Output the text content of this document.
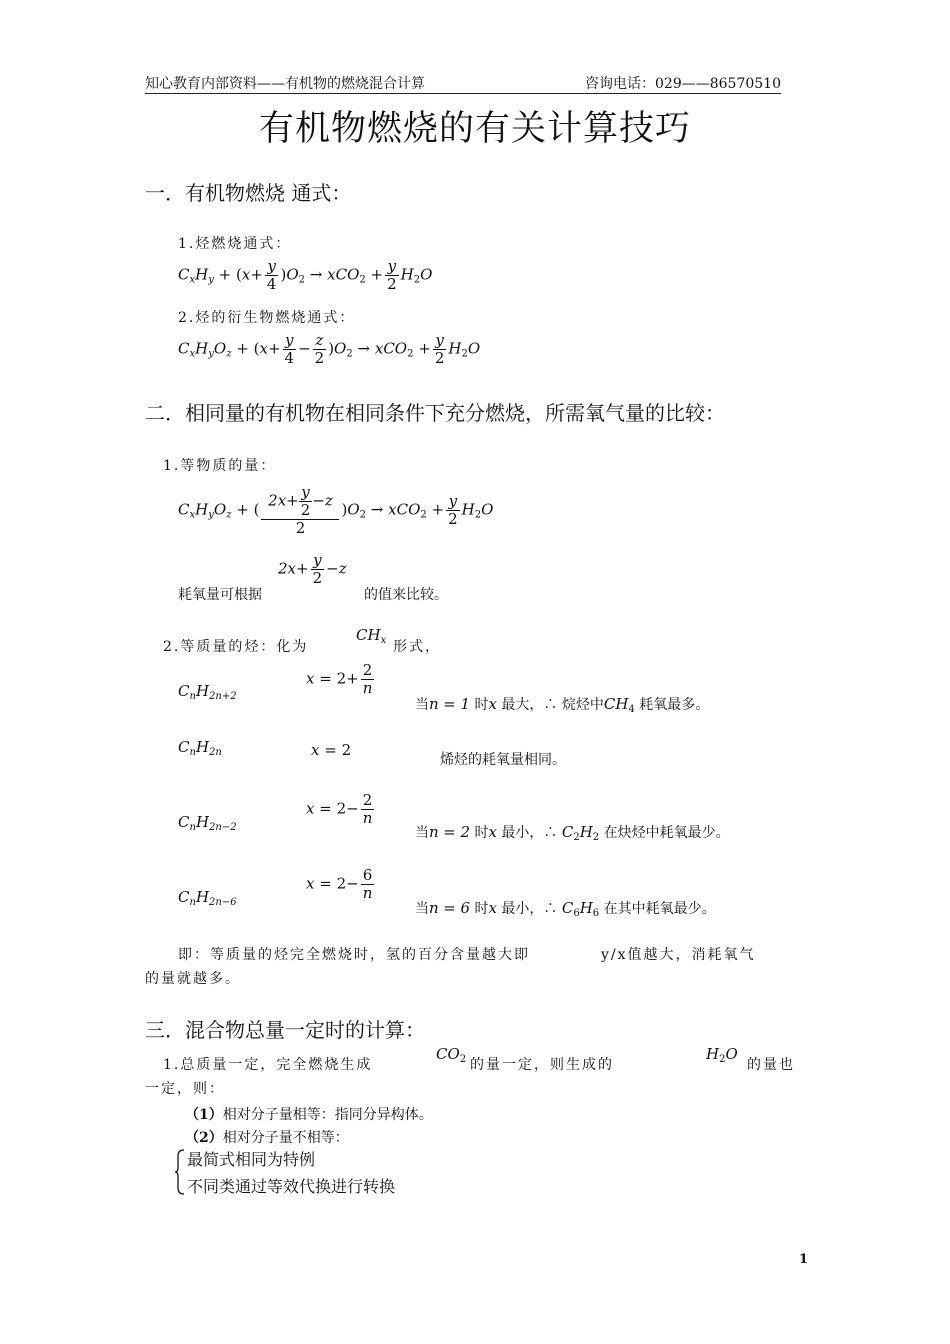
知心教育内部资料——有机物的燃烧混合计算	咨询电话：029——86570510
有机物燃烧的有关计算技巧
一．有机物燃烧 通式：
1.烃燃烧通式：
$C_xH_y + (x+ \frac{y}{4} )O_2 \to xCO_2 + \frac{y}{2} H_2O$
2.烃的衍生物燃烧通式：
$C_xH_yO_z + (x+ \frac{y}{4} - \frac{z}{2} )O_2 \to xCO_2 + \frac{y}{2} H_2O$
二．相同量的有机物在相同条件下充分燃烧，所需氧气量的比较：
1.等物质的量：
$C_xH_yO_z$ + ( $\frac{2x+ \frac{y}{2} -z}{2} )O_2 \to xCO_2 + \frac{y}{2} H_2O$
耗氧量可根据
$2x+ \frac{y}{2} -z$
的值来比较。
2.等质量的烃：化为
$CH_x$ 形式，
$C_nH_{2n+2}$
$x = 2+ \frac{2}{n}$
当n = 1 时x 最大，∴ 烷烃中$CH_4$ 耗氧最多。
$C_nH_{2n}$	x = 2
烯烃的耗氧量相同。
$C_nH_{2n-2}$
$x = 2- \frac{2}{n}$
当n = 2 时x 最小，∴ $C_2H_2$ 在炔烃中耗氧最少。
$C_nH_{2n-6}$
$x = 2- \frac{6}{n}$
当n = 6 时x 最小，∴ $C_6H_6$ 在其中耗氧最少。
即：等质量的烃完全燃烧时，氢的百分含量越大即	y/x值越大，消耗氧气
的量就越多。
三．混合物总量一定时的计算：
1.总质量一定，完全燃烧生成
$CO_2$ 的量一定，则生成的
$H_2O$
的量也
一定，则：
（1）相对分子量相等：指同分异构体。
（2）相对分子量不相等：
最简式相同为特例
不同类通过等效代换进行转换
1
